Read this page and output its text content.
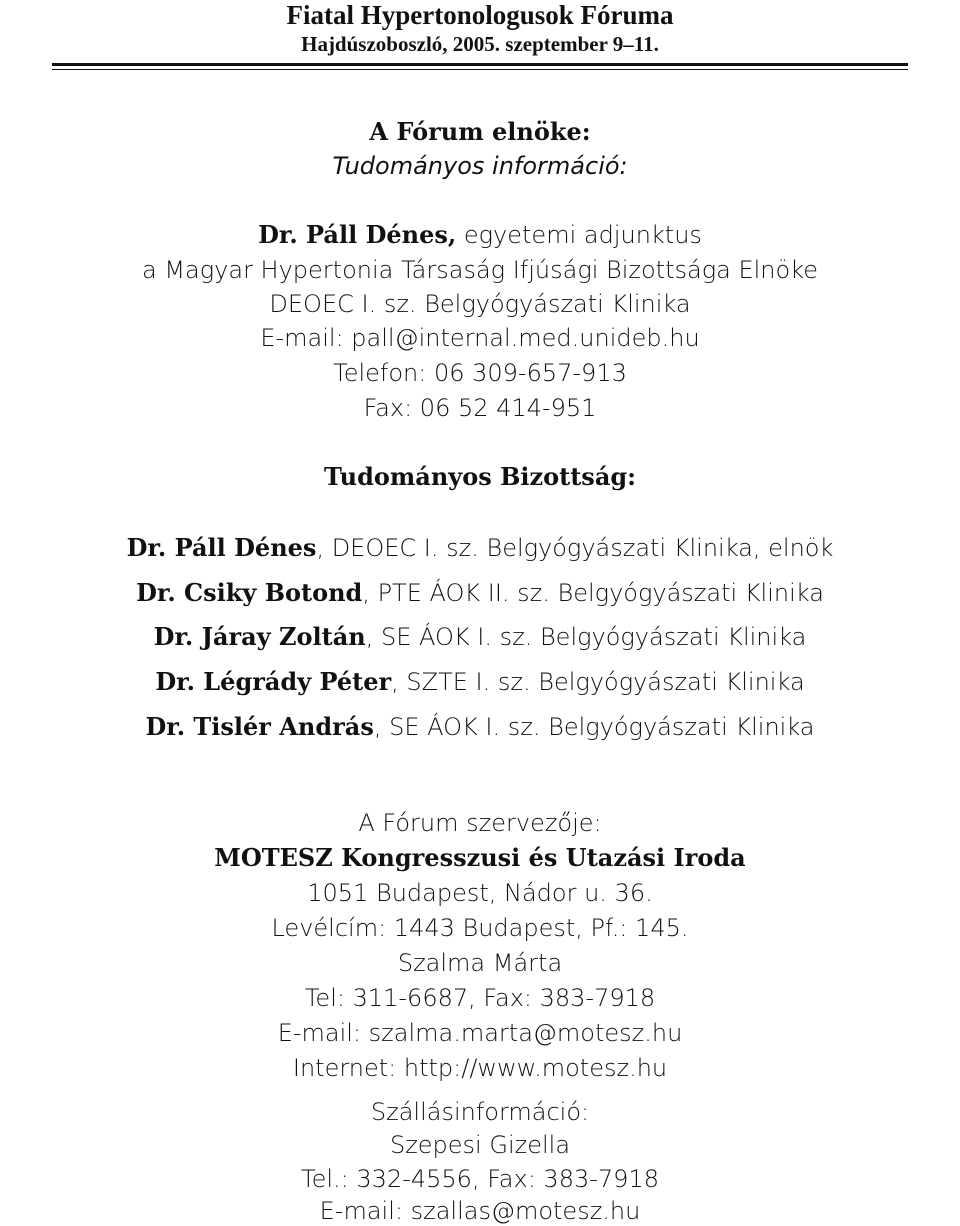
Fiatal Hypertonologusok Fóruma
Hajdúszoboszló, 2005. szeptember 9–11.
A Fórum elnöke:
Tudományos információ:
Dr. Páll Dénes, egyetemi adjunktus
a Magyar Hypertonia Társaság Ifjúsági Bizottsága Elnöke
DEOEC I. sz. Belgyógyászati Klinika
E-mail: pall@internal.med.unideb.hu
Telefon: 06 309-657-913
Fax: 06 52 414-951
Tudományos Bizottság:
Dr. Páll Dénes, DEOEC I. sz. Belgyógyászati Klinika, elnök
Dr. Csiky Botond, PTE ÁOK II. sz. Belgyógyászati Klinika
Dr. Járay Zoltán, SE ÁOK I. sz. Belgyógyászati Klinika
Dr. Légrády Péter, SZTE I. sz. Belgyógyászati Klinika
Dr. Tislér András, SE ÁOK I. sz. Belgyógyászati Klinika
A Fórum szervezője:
MOTESZ Kongresszusi és Utazási Iroda
1051 Budapest, Nádor u. 36.
Levélcím: 1443 Budapest, Pf.: 145.
Szalma Márta
Tel: 311-6687, Fax: 383-7918
E-mail: szalma.marta@motesz.hu
Internet: http://www.motesz.hu
Szállásinformáció:
Szepesi Gizella
Tel.: 332-4556, Fax: 383-7918
E-mail: szallas@motesz.hu
